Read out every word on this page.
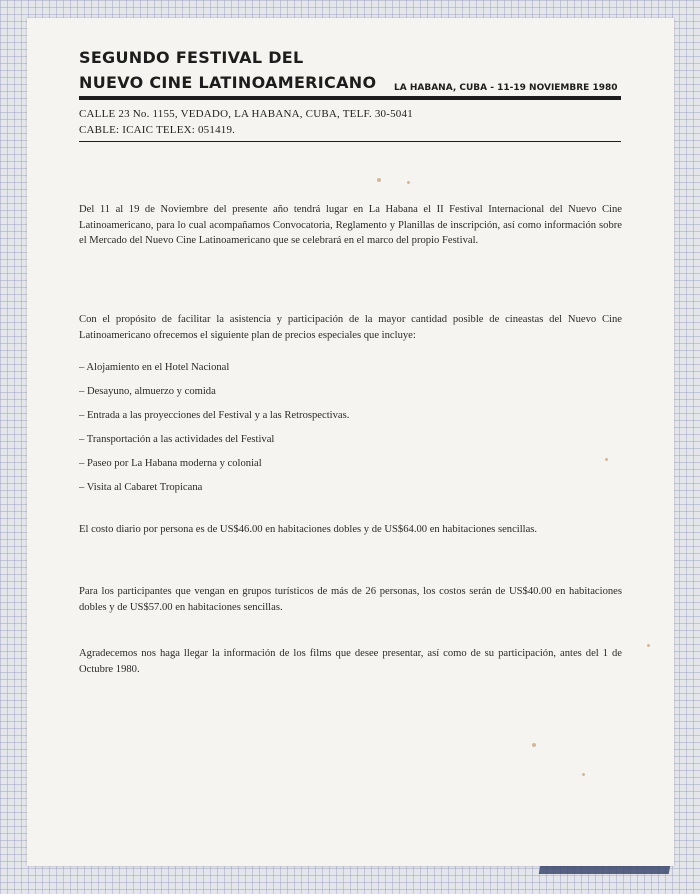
SEGUNDO FESTIVAL DEL
NUEVO CINE LATINOAMERICANO LA HABANA, CUBA - 11-19 NOVIEMBRE 1980
CALLE 23 No. 1155, VEDADO, LA HABANA, CUBA, TELF. 30-5041
CABLE: ICAIC TELEX: 051419.
Del 11 al 19 de Noviembre del presente año tendrá lugar en La Habana el II Festival Internacional del Nuevo Cine Latinoamericano, para lo cual acompañamos Convocatoria, Reglamento y Planillas de inscripción, así como información sobre el Mercado del Nuevo Cine Latinoamericano que se celebrará en el marco del propio Festival.
Con el propósito de facilitar la asistencia y participación de la mayor cantidad posible de cineastas del Nuevo Cine Latinoamericano ofrecemos el siguiente plan de precios especiales que incluye:
– Alojamiento en el Hotel Nacional
– Desayuno, almuerzo y comida
– Entrada a las proyecciones del Festival y a las Retrospectivas.
– Transportación a las actividades del Festival
– Paseo por La Habana moderna y colonial
– Visita al Cabaret Tropicana
El costo diario por persona es de US$46.00 en habitaciones dobles y de US$64.00 en habitaciones sencillas.
Para los participantes que vengan en grupos turísticos de más de 26 personas, los costos serán de US$40.00 en habitaciones dobles y de US$57.00 en habitaciones sencillas.
Agradecemos nos haga llegar la información de los films que desee presentar, así como de su participación, antes del 1 de Octubre 1980.
